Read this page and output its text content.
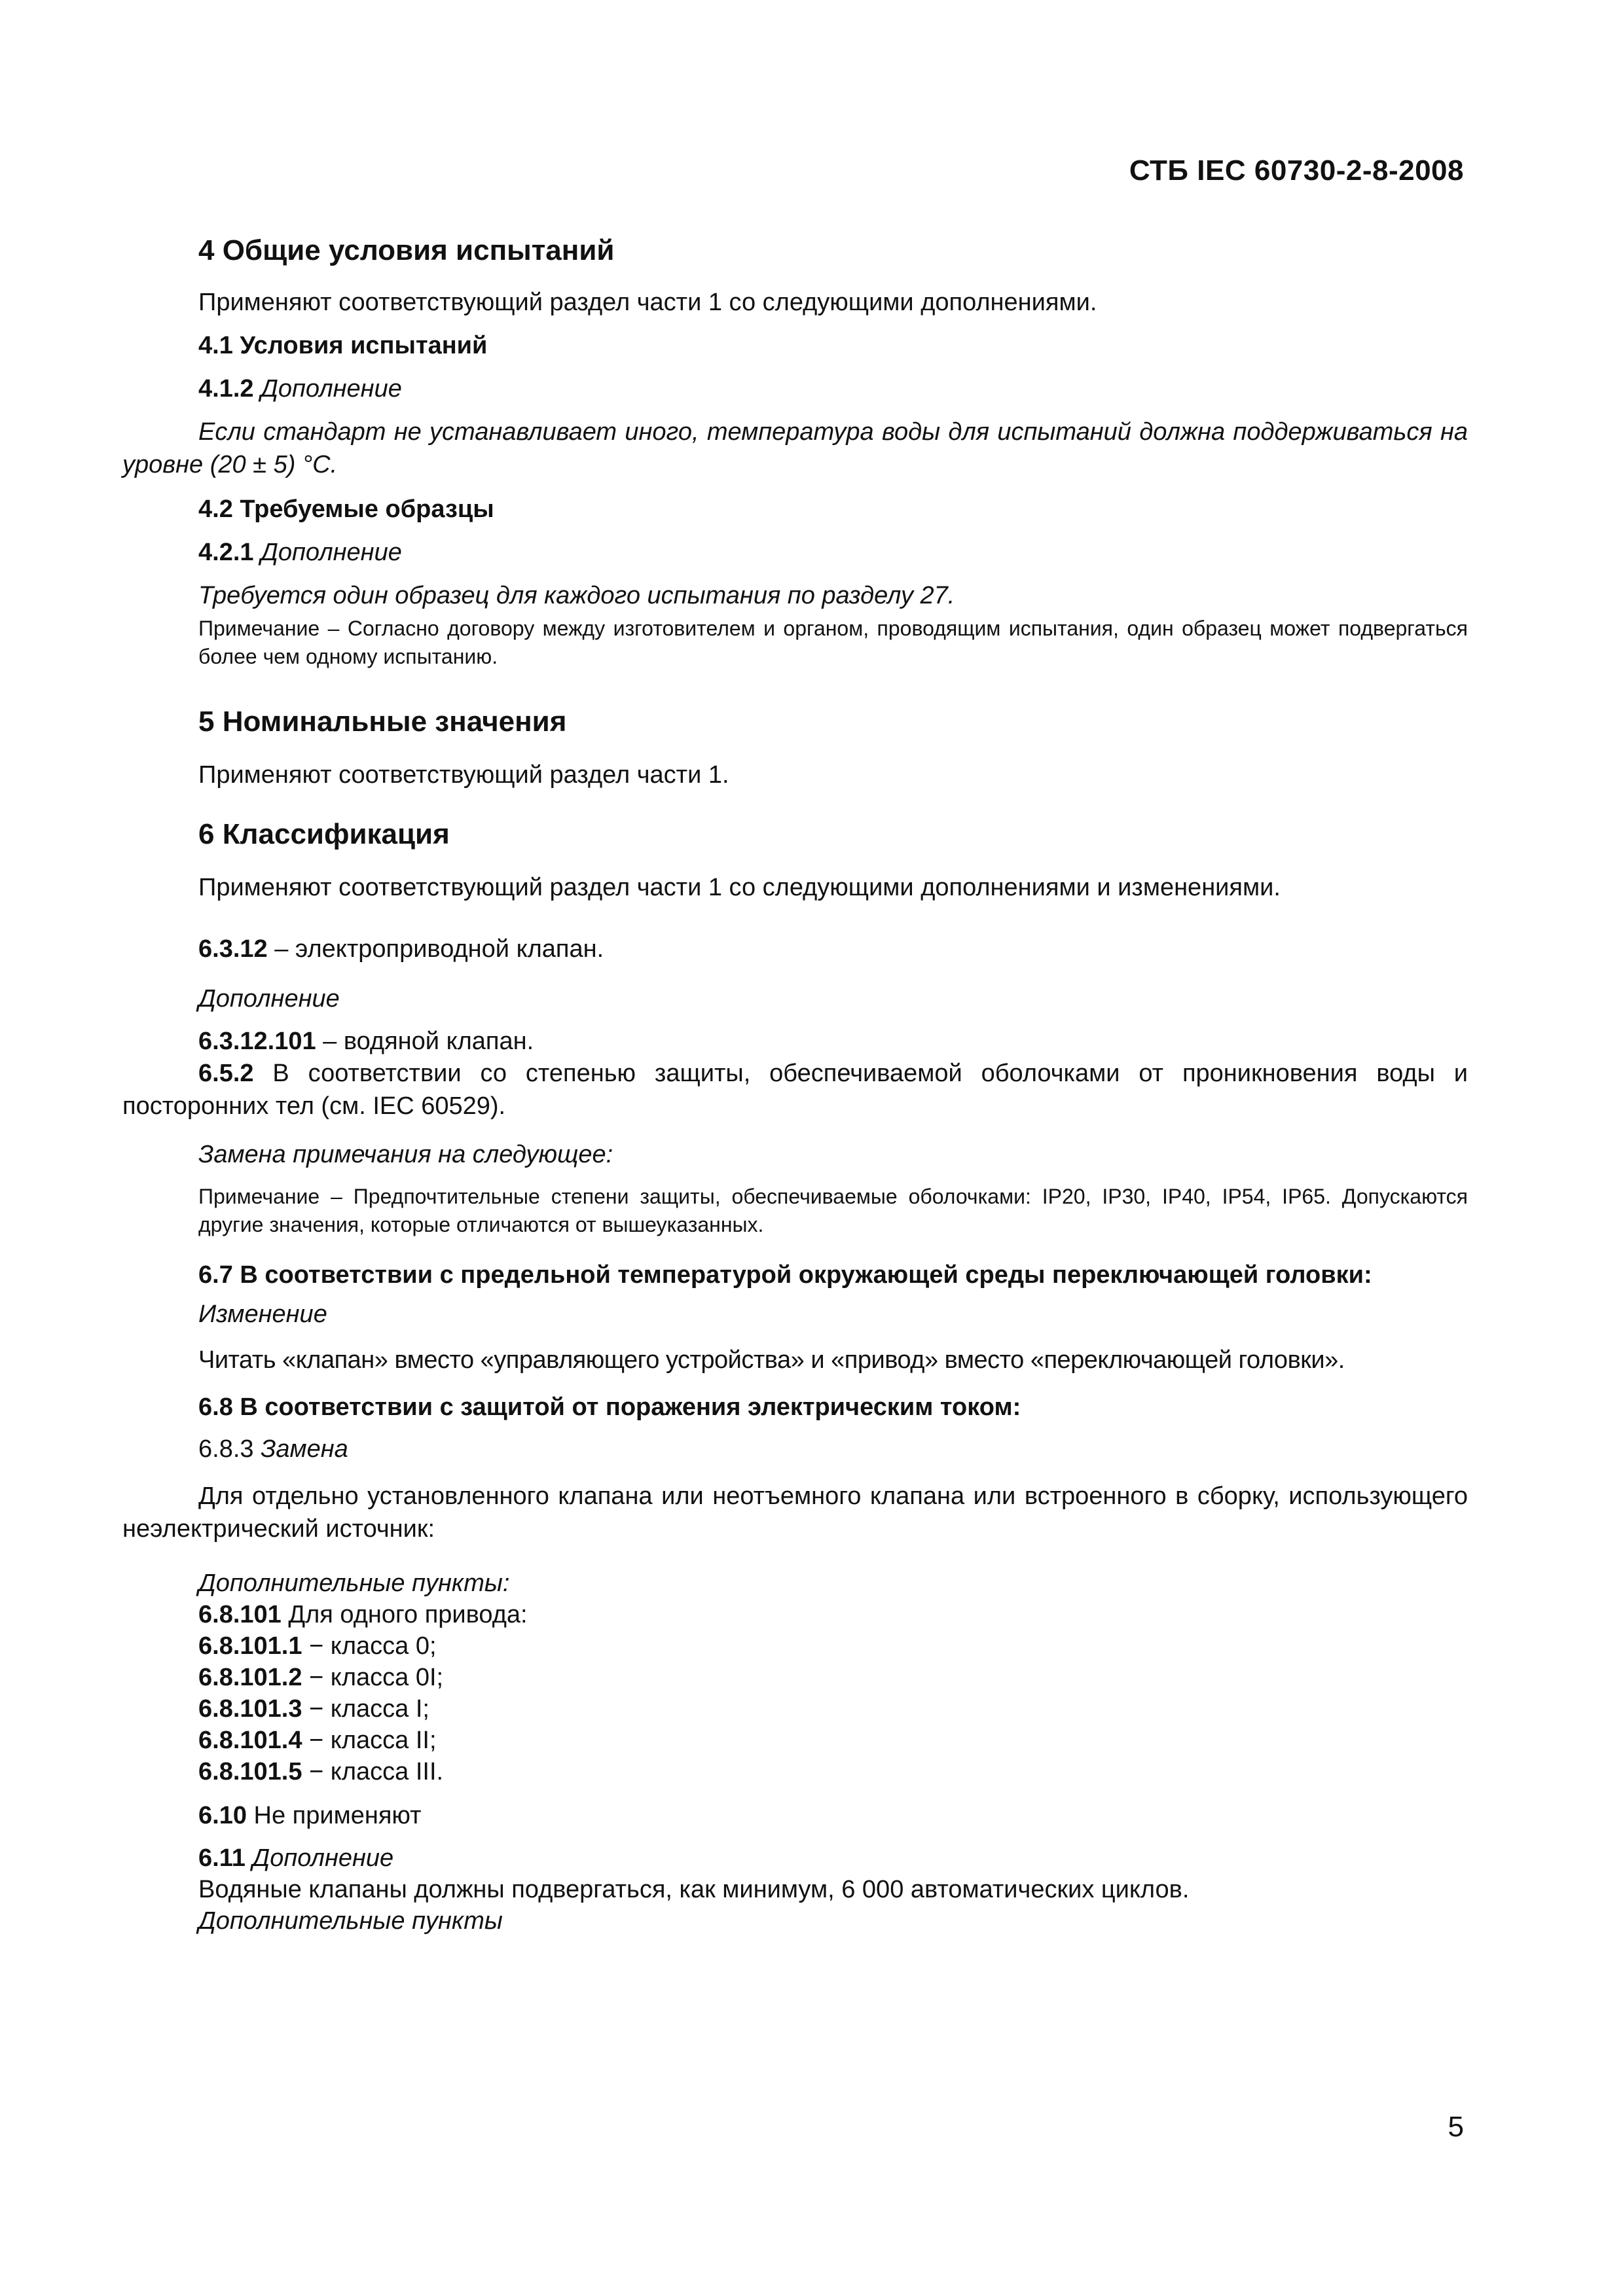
СТБ IEC 60730-2-8-2008
4 Общие условия испытаний
Применяют соответствующий раздел части 1 со следующими дополнениями.
4.1 Условия испытаний
4.1.2 Дополнение
Если стандарт не устанавливает иного, температура воды для испытаний должна поддерживаться на уровне (20 ± 5) °С.
4.2 Требуемые образцы
4.2.1 Дополнение
Требуется один образец для каждого испытания по разделу 27.
Примечание – Согласно договору между изготовителем и органом, проводящим испытания, один образец может подвергаться более чем одному испытанию.
5 Номинальные значения
Применяют соответствующий раздел части 1.
6 Классификация
Применяют соответствующий раздел части 1 со следующими дополнениями и изменениями.
6.3.12 – электроприводной клапан.
Дополнение
6.3.12.101 – водяной клапан.
6.5.2 В соответствии со степенью защиты, обеспечиваемой оболочками от проникновения воды и посторонних тел (см. IEC 60529).
Замена примечания на следующее:
Примечание – Предпочтительные степени защиты, обеспечиваемые оболочками: IP20, IP30, IP40, IP54, IP65. Допускаются другие значения, которые отличаются от вышеуказанных.
6.7 В соответствии с предельной температурой окружающей среды переключающей головки:
Изменение
Читать «клапан» вместо «управляющего устройства» и «привод» вместо «переключающей головки».
6.8 В соответствии с защитой от поражения электрическим током:
6.8.3 Замена
Для отдельно установленного клапана или неотъемного клапана или встроенного в сборку, использующего неэлектрический источник:
Дополнительные пункты:
6.8.101 Для одного привода:
6.8.101.1 − класса 0;
6.8.101.2 − класса 0I;
6.8.101.3 − класса I;
6.8.101.4 − класса II;
6.8.101.5 − класса III.
6.10 Не применяют
6.11 Дополнение
Водяные клапаны должны подвергаться, как минимум, 6 000 автоматических циклов.
Дополнительные пункты
5
